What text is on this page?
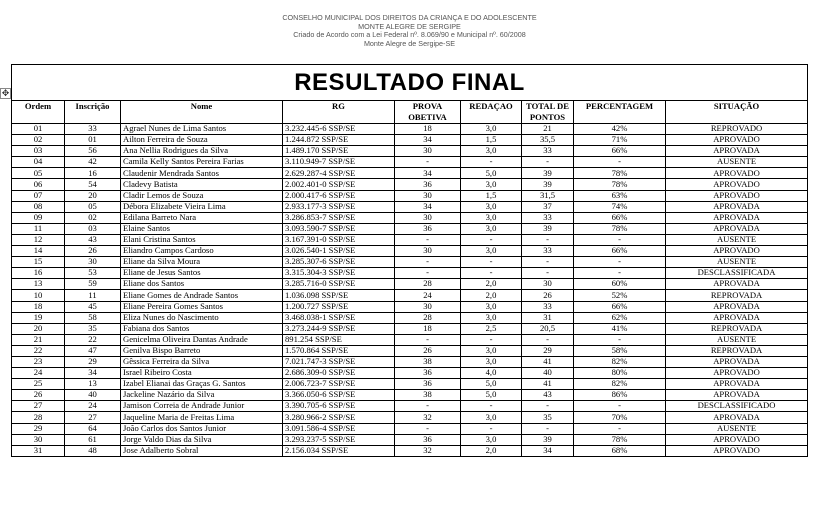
CONSELHO MUNICIPAL DOS DIREITOS DA CRIANÇA E DO ADOLESCENTE
MONTE ALEGRE DE SERGIPE
Criado de Acordo com a Lei Federal nº. 8.069/90 e Municipal nº. 60/2008
Monte Alegre de Sergipe-SE
✥	RESULTADO FINAL								
Ordem	Inscrição	Nome	RG	PROVA OBETIVA	REDAÇAO	TOTAL DE PONTOS	PERCENTAGEM	SITUAÇÃO
01	33	Agrael Nunes de Lima Santos	3.232.445-6 SSP/SE	18	3,0	21	42%	REPROVADO
02	01	Ailton Ferreira de Souza	1.244.872 SSP/SE	34	1,5	35,5	71%	APROVADO
03	56	Ana Nellia Rodrigues da Silva	1.489.170 SSP/SE	30	3,0	33	66%	APROVADA
04	42	Camila Kelly Santos Pereira Farias	3.110.949-7 SSP/SE	-	-	-	-	AUSENTE
05	16	Claudenir Mendrada Santos	2.629.287-4 SSP/SE	34	5,0	39	78%	APROVADO
06	54	Cladevy Batista	2.002.401-0 SSP/SE	36	3,0	39	78%	APROVADO
07	20	Cladir Lemos de Souza	2.000.417-6 SSP/SE	30	1,5	31,5	63%	APROVADO
08	05	Débora Elizabete Vieira Lima	2.933.177-3 SSP/SE	34	3,0	37	74%	APROVADA
09	02	Edilana Barreto Nara	3.286.853-7 SSP/SE	30	3,0	33	66%	APROVADA
11	03	Elaine Santos	3.093.590-7 SSP/SE	36	3,0	39	78%	APROVADA
12	43	Elani Cristina Santos	3.167.391-0 SSP/SE	-	-	-	-	AUSENTE
14	26	Eliandro Campos Cardoso	3.026.540-1 SSP/SE	30	3,0	33	66%	APROVADO
15	30	Eliane da Silva Moura	3.285.307-6 SSP/SE	-	-	-	-	AUSENTE
16	53	Eliane de Jesus Santos	3.315.304-3 SSP/SE	-	-	-	-	DESCLASSIFICADA
13	59	Eliane dos Santos	3.285.716-0 SSP/SE	28	2,0	30	60%	APROVADA
10	11	Eliane Gomes de Andrade Santos	1.036.098 SSP/SE	24	2,0	26	52%	REPROVADA
18	45	Eliane Pereira Gomes Santos	1.200.727 SSP/SE	30	3,0	33	66%	APROVADA
19	58	Eliza Nunes do Nascimento	3.468.038-1 SSP/SE	28	3,0	31	62%	APROVADA
20	35	Fabiana dos Santos	3.273.244-9 SSP/SE	18	2,5	20,5	41%	REPROVADA
21	22	Genicelma Oliveira Dantas Andrade	891.254 SSP/SE	-	-	-	-	AUSENTE
22	47	Genilva Bispo Barreto	1.570.864 SSP/SE	26	3,0	29	58%	REPROVADA
23	29	Gêssica Ferreira da Silva	7.021.747-3 SSP/SE	38	3,0	41	82%	APROVADA
24	34	Israel Ribeiro Costa	2.686.309-0 SSP/SE	36	4,0	40	80%	APROVADO
25	13	Izabel Elianai das Graças G. Santos	2.006.723-7 SSP/SE	36	5,0	41	82%	APROVADA
26	40	Jackeline Nazário da Silva	3.366.050-6 SSP/SE	38	5,0	43	86%	APROVADA
27	24	Jamison Correia de Andrade Junior	3.390.705-6 SSP/SE	-	-	-	-	DESCLASSIFICADO
28	27	Jaqueline Maria de Freitas Lima	3.280.966-2 SSP/SE	32	3,0	35	70%	APROVADA
29	64	João Carlos dos Santos Junior	3.091.586-4 SSP/SE	-	-	-	-	AUSENTE
30	61	Jorge Valdo Dias da Silva	3.293.237-5 SSP/SE	36	3,0	39	78%	APROVADO
31	48	Jose Adalberto Sobral	2.156.034 SSP/SE	32	2,0	34	68%	APROVADO
